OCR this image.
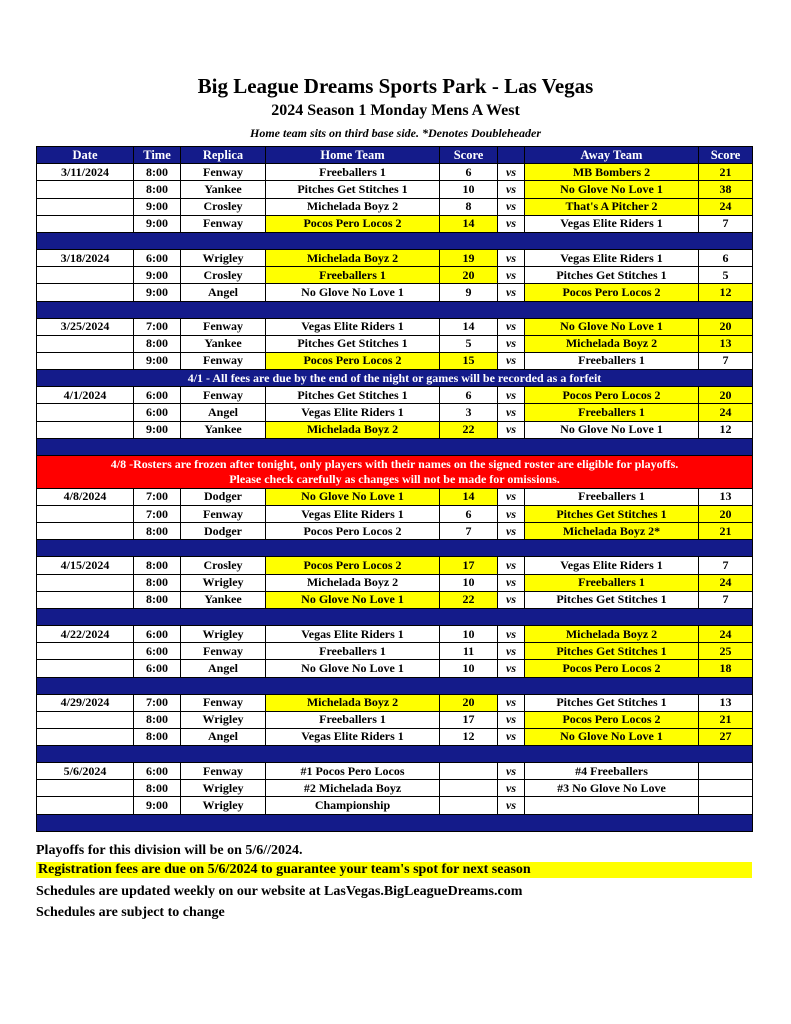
Big League Dreams Sports Park - Las Vegas
2024 Season 1 Monday Mens A West
Home team sits on third base side. *Denotes Doubleheader
Date	Time	Replica	Home Team	Score		Away Team	Score
3/11/2024	8:00	Fenway	Freeballers 1	6	vs	MB Bombers 2	21
	8:00	Yankee	Pitches Get Stitches 1	10	vs	No Glove No Love 1	38
	9:00	Crosley	Michelada Boyz 2	8	vs	That's A Pitcher 2	24
	9:00	Fenway	Pocos Pero Locos 2	14	vs	Vegas Elite Riders 1	7

3/18/2024	6:00	Wrigley	Michelada Boyz 2	19	vs	Vegas Elite Riders 1	6
	9:00	Crosley	Freeballers 1	20	vs	Pitches Get Stitches 1	5
	9:00	Angel	No Glove No Love 1	9	vs	Pocos Pero Locos 2	12

3/25/2024	7:00	Fenway	Vegas Elite Riders 1	14	vs	No Glove No Love 1	20
	8:00	Yankee	Pitches Get Stitches 1	5	vs	Michelada Boyz 2	13
	9:00	Fenway	Pocos Pero Locos 2	15	vs	Freeballers 1	7
4/1 - All fees are due by the end of the night or games will be recorded as a forfeit							
4/1/2024	6:00	Fenway	Pitches Get Stitches 1	6	vs	Pocos Pero Locos 2	20
	6:00	Angel	Vegas Elite Riders 1	3	vs	Freeballers 1	24
	9:00	Yankee	Michelada Boyz 2	22	vs	No Glove No Love 1	12

4/8 -Rosters are frozen after tonight, only players with their names on the signed roster are eligible for playoffs.
Please check carefully as changes will not be made for omissions.							

4/8/2024	7:00	Dodger	No Glove No Love 1	14	vs	Freeballers 1	13
	7:00	Fenway	Vegas Elite Riders 1	6	vs	Pitches Get Stitches 1	20
	8:00	Dodger	Pocos Pero Locos 2	7	vs	Michelada Boyz 2*	21

4/15/2024	8:00	Crosley	Pocos Pero Locos 2	17	vs	Vegas Elite Riders 1	7
	8:00	Wrigley	Michelada Boyz 2	10	vs	Freeballers 1	24
	8:00	Yankee	No Glove No Love 1	22	vs	Pitches Get Stitches 1	7

4/22/2024	6:00	Wrigley	Vegas Elite Riders 1	10	vs	Michelada Boyz 2	24
	6:00	Fenway	Freeballers 1	11	vs	Pitches Get Stitches 1	25
	6:00	Angel	No Glove No Love 1	10	vs	Pocos Pero Locos 2	18

4/29/2024	7:00	Fenway	Michelada Boyz 2	20	vs	Pitches Get Stitches 1	13
	8:00	Wrigley	Freeballers 1	17	vs	Pocos Pero Locos 2	21
	8:00	Angel	Vegas Elite Riders 1	12	vs	No Glove No Love 1	27

5/6/2024	6:00	Fenway	#1 Pocos Pero Locos		vs	#4 Freeballers	
	8:00	Wrigley	#2 Michelada Boyz		vs	#3 No Glove No Love	
	9:00	Wrigley	Championship		vs		

Playoffs for this division will be on 5/6//2024.
Registration fees are due on 5/6/2024 to guarantee your team's spot for next season
Schedules are updated weekly on our website at LasVegas.BigLeagueDreams.com
Schedules are subject to change
